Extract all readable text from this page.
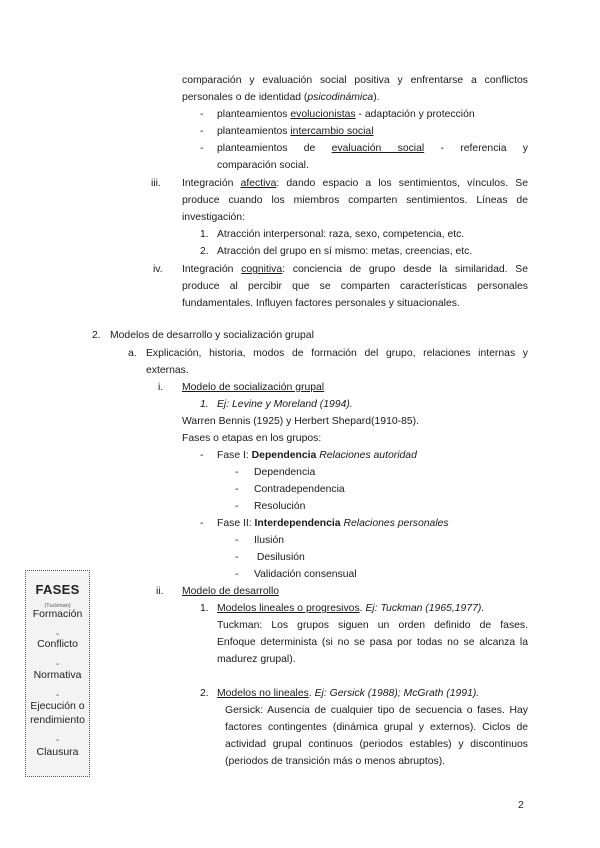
comparación y evaluación social positiva y enfrentarse a conflictos
personales o de identidad (psicodinámica).
- planteamientos evolucionistas - adaptación y protección
- planteamientos intercambio social
- planteamientos de evaluación social - referencia y
comparación social.
iii. Integración afectiva: dando espacio a los sentimientos, vínculos. Se
produce cuando los miembros comparten sentimientos. Líneas de
investigación:
1. Atracción interpersonal: raza, sexo, competencia, etc.
2. Atracción del grupo en sí mismo: metas, creencias, etc.
iv. Integración cognitiva: conciencia de grupo desde la similaridad. Se
produce al percibir que se comparten características personales
fundamentales. Influyen factores personales y situacionales.
2. Modelos de desarrollo y socialización grupal
a. Explicación, historia, modos de formación del grupo, relaciones internas y
externas.
i. Modelo de socialización grupal
1. Ej: Levine y Moreland (1994).
Warren Bennis (1925) y Herbert Shepard(1910-85).
Fases o etapas en los grupos:
- Fase I: Dependencia Relaciones autoridad
- Dependencia
- Contradependencia
- Resolución
- Fase II: Interdependencia Relaciones personales
- Ilusión
- Desilusión
- Validación consensual
ii. Modelo de desarrollo
1. Modelos lineales o progresivos. Ej: Tuckman (1965,1977).
Tuckman: Los grupos siguen un orden definido de fases.
Enfoque determinista (si no se pasa por todas no se alcanza la
madurez grupal).
2. Modelos no lineales. Ej: Gersick (1988); McGrath (1991).
Gersick: Ausencia de cualquier tipo de secuencia o fases. Hay
factores contingentes (dinámica grupal y externos). Ciclos de
actividad grupal continuos (periodos estables) y discontinuos
(periodos de transición más o menos abruptos).
FASES
(Tuckman)
Formación
⌄
Conflicto
⌄
Normativa
⌄
Ejecución o
rendimiento
⌄
Clausura
2
